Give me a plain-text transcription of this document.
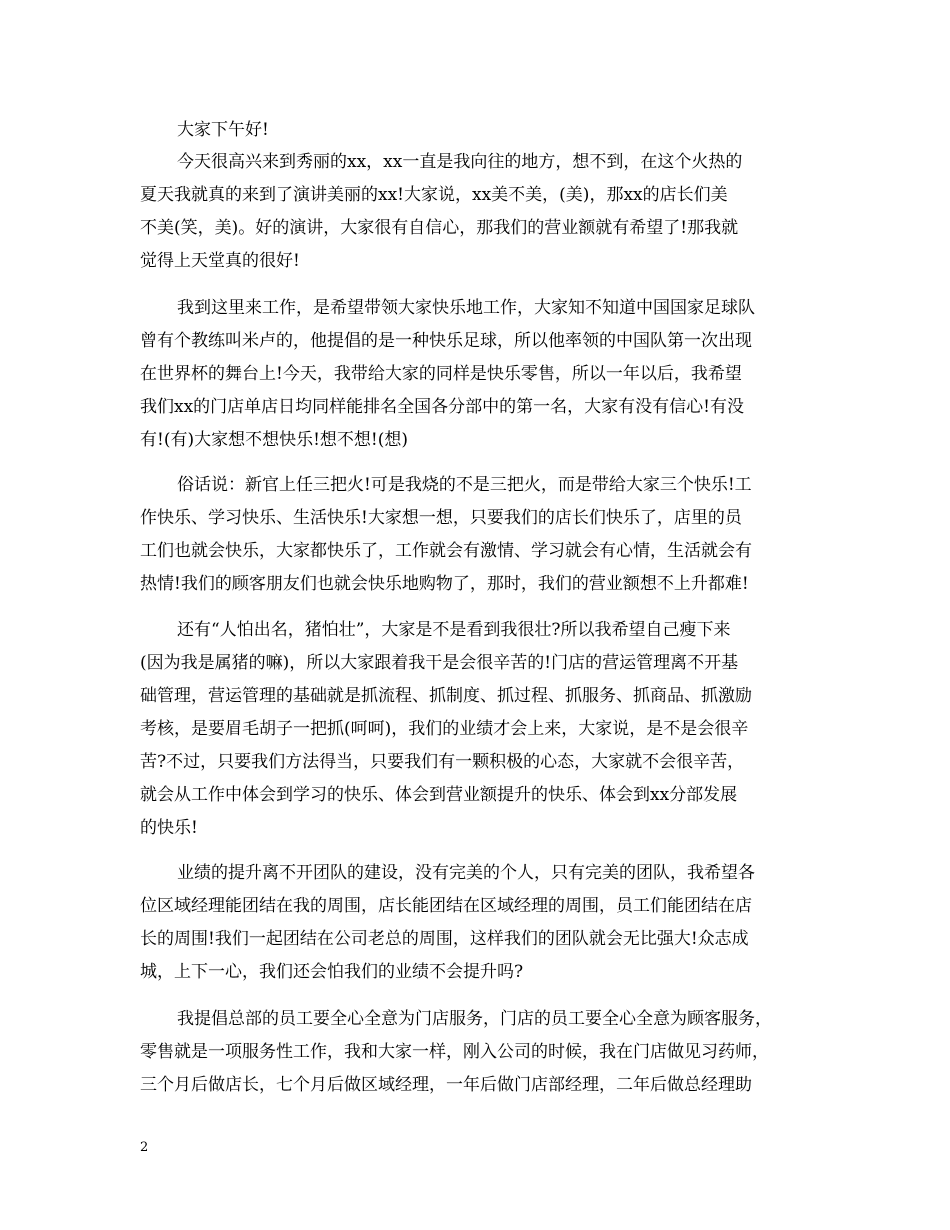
大家下午好!
今天很高兴来到秀丽的xx，xx一直是我向往的地方，想不到，在这个火热的
夏天我就真的来到了演讲美丽的xx!大家说，xx美不美，(美)，那xx的店长们美
不美(笑，美)。好的演讲，大家很有自信心，那我们的营业额就有希望了!那我就
觉得上天堂真的很好!
我到这里来工作，是希望带领大家快乐地工作，大家知不知道中国国家足球队
曾有个教练叫米卢的，他提倡的是一种快乐足球，所以他率领的中国队第一次出现
在世界杯的舞台上!今天，我带给大家的同样是快乐零售，所以一年以后，我希望
我们xx的门店单店日均同样能排名全国各分部中的第一名，大家有没有信心!有没
有!(有)大家想不想快乐!想不想!(想)
俗话说：新官上任三把火!可是我烧的不是三把火，而是带给大家三个快乐!工
作快乐、学习快乐、生活快乐!大家想一想，只要我们的店长们快乐了，店里的员
工们也就会快乐，大家都快乐了，工作就会有激情、学习就会有心情，生活就会有
热情!我们的顾客朋友们也就会快乐地购物了，那时，我们的营业额想不上升都难!
还有“人怕出名，猪怕壮”，大家是不是看到我很壮?所以我希望自己瘦下来
(因为我是属猪的嘛)，所以大家跟着我干是会很辛苦的!门店的营运管理离不开基
础管理，营运管理的基础就是抓流程、抓制度、抓过程、抓服务、抓商品、抓激励
考核，是要眉毛胡子一把抓(呵呵)，我们的业绩才会上来，大家说，是不是会很辛
苦?不过，只要我们方法得当，只要我们有一颗积极的心态，大家就不会很辛苦，
就会从工作中体会到学习的快乐、体会到营业额提升的快乐、体会到xx分部发展
的快乐!
业绩的提升离不开团队的建设，没有完美的个人，只有完美的团队，我希望各
位区域经理能团结在我的周围，店长能团结在区域经理的周围，员工们能团结在店
长的周围!我们一起团结在公司老总的周围，这样我们的团队就会无比强大!众志成
城，上下一心，我们还会怕我们的业绩不会提升吗?
我提倡总部的员工要全心全意为门店服务，门店的员工要全心全意为顾客服务，
零售就是一项服务性工作，我和大家一样，刚入公司的时候，我在门店做见习药师，
三个月后做店长，七个月后做区域经理，一年后做门店部经理，二年后做总经理助
2
